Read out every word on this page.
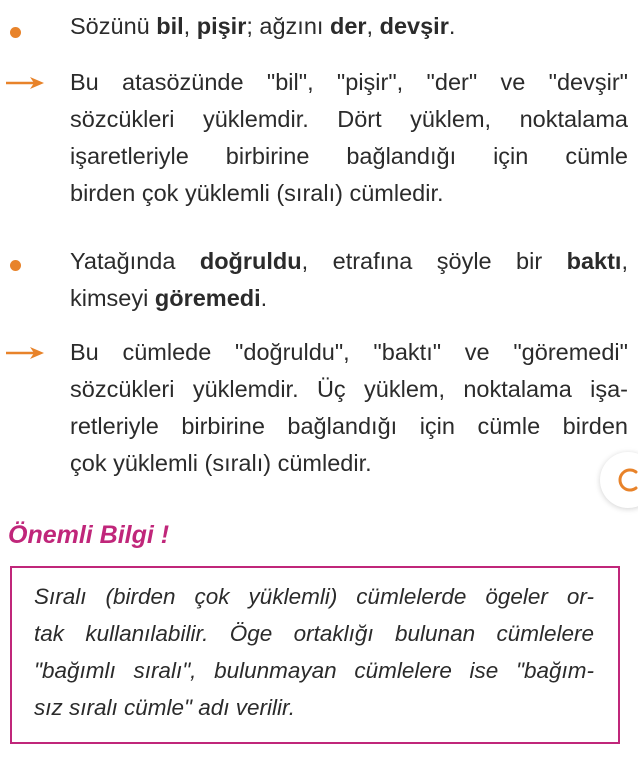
Sözünü bil, pişir; ağzını der, devşir.
Bu atasözünde "bil", "pişir", "der" ve "devşir"
sözcükleri yüklemdir. Dört yüklem, noktalama
işaretleriyle birbirine bağlandığı için cümle
birden çok yüklemli (sıralı) cümledir.
Yatağında doğruldu, etrafına şöyle bir baktı,
kimseyi göremedi.
Bu cümlede "doğruldu", "baktı" ve "göremedi"
sözcükleri yüklemdir. Üç yüklem, noktalama işa-
retleriyle birbirine bağlandığı için cümle birden
çok yüklemli (sıralı) cümledir.
Önemli Bilgi !
Sıralı (birden çok yüklemli) cümlelerde ögeler or-
tak kullanılabilir. Öge ortaklığı bulunan cümlelere
"bağımlı sıralı", bulunmayan cümlelere ise "bağım-
sız sıralı cümle" adı verilir.
